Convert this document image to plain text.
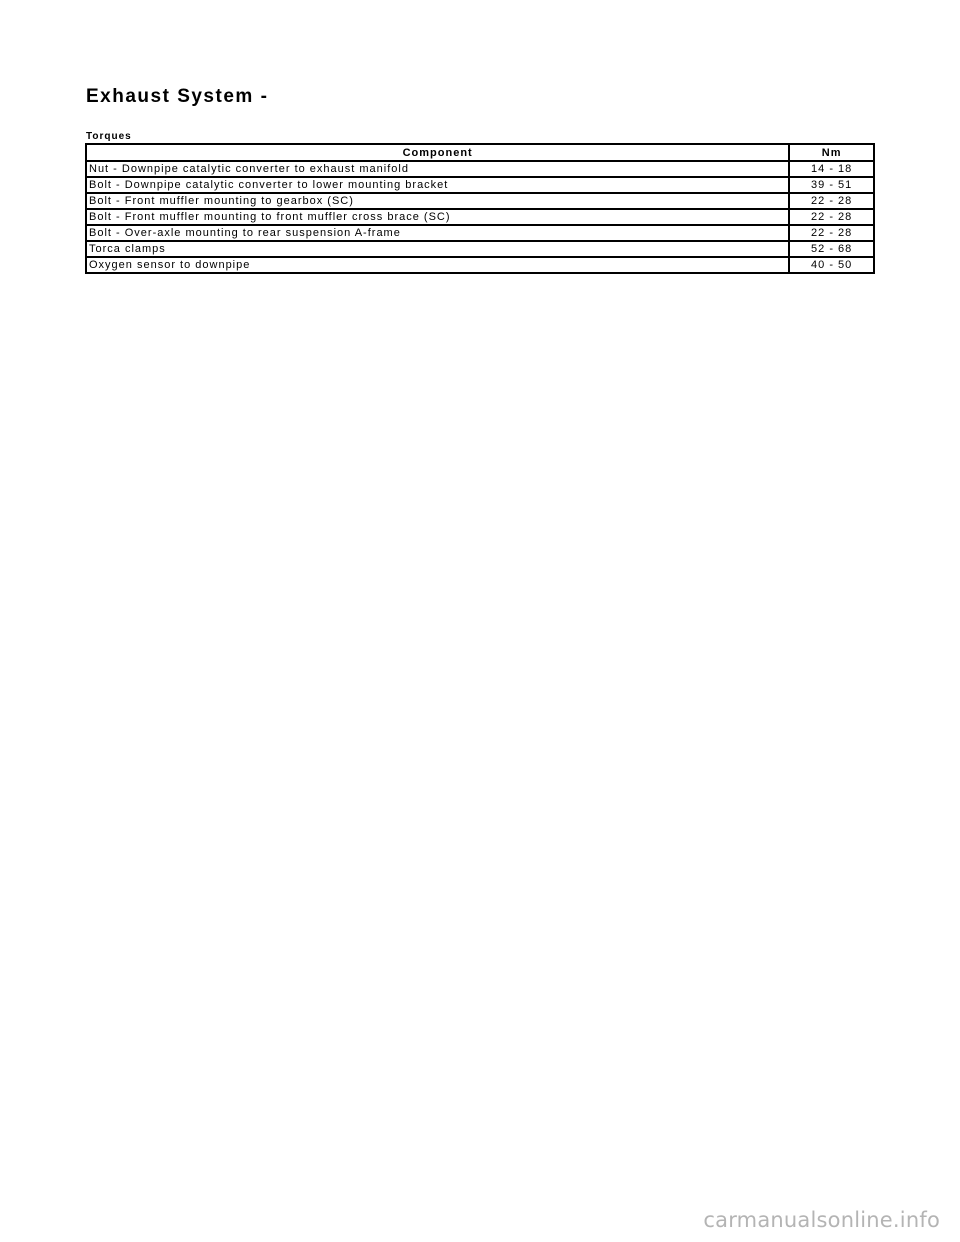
Exhaust System -
Torques
Component	Nm
Nut - Downpipe catalytic converter to exhaust manifold	14 - 18
Bolt - Downpipe catalytic converter to lower mounting bracket	39 - 51
Bolt - Front muffler mounting to gearbox (SC)	22 - 28
Bolt - Front muffler mounting to front muffler cross brace (SC)	22 - 28
Bolt - Over-axle mounting to rear suspension A-frame	22 - 28
Torca clamps	52 - 68
Oxygen sensor to downpipe	40 - 50
carmanualsonline.info
